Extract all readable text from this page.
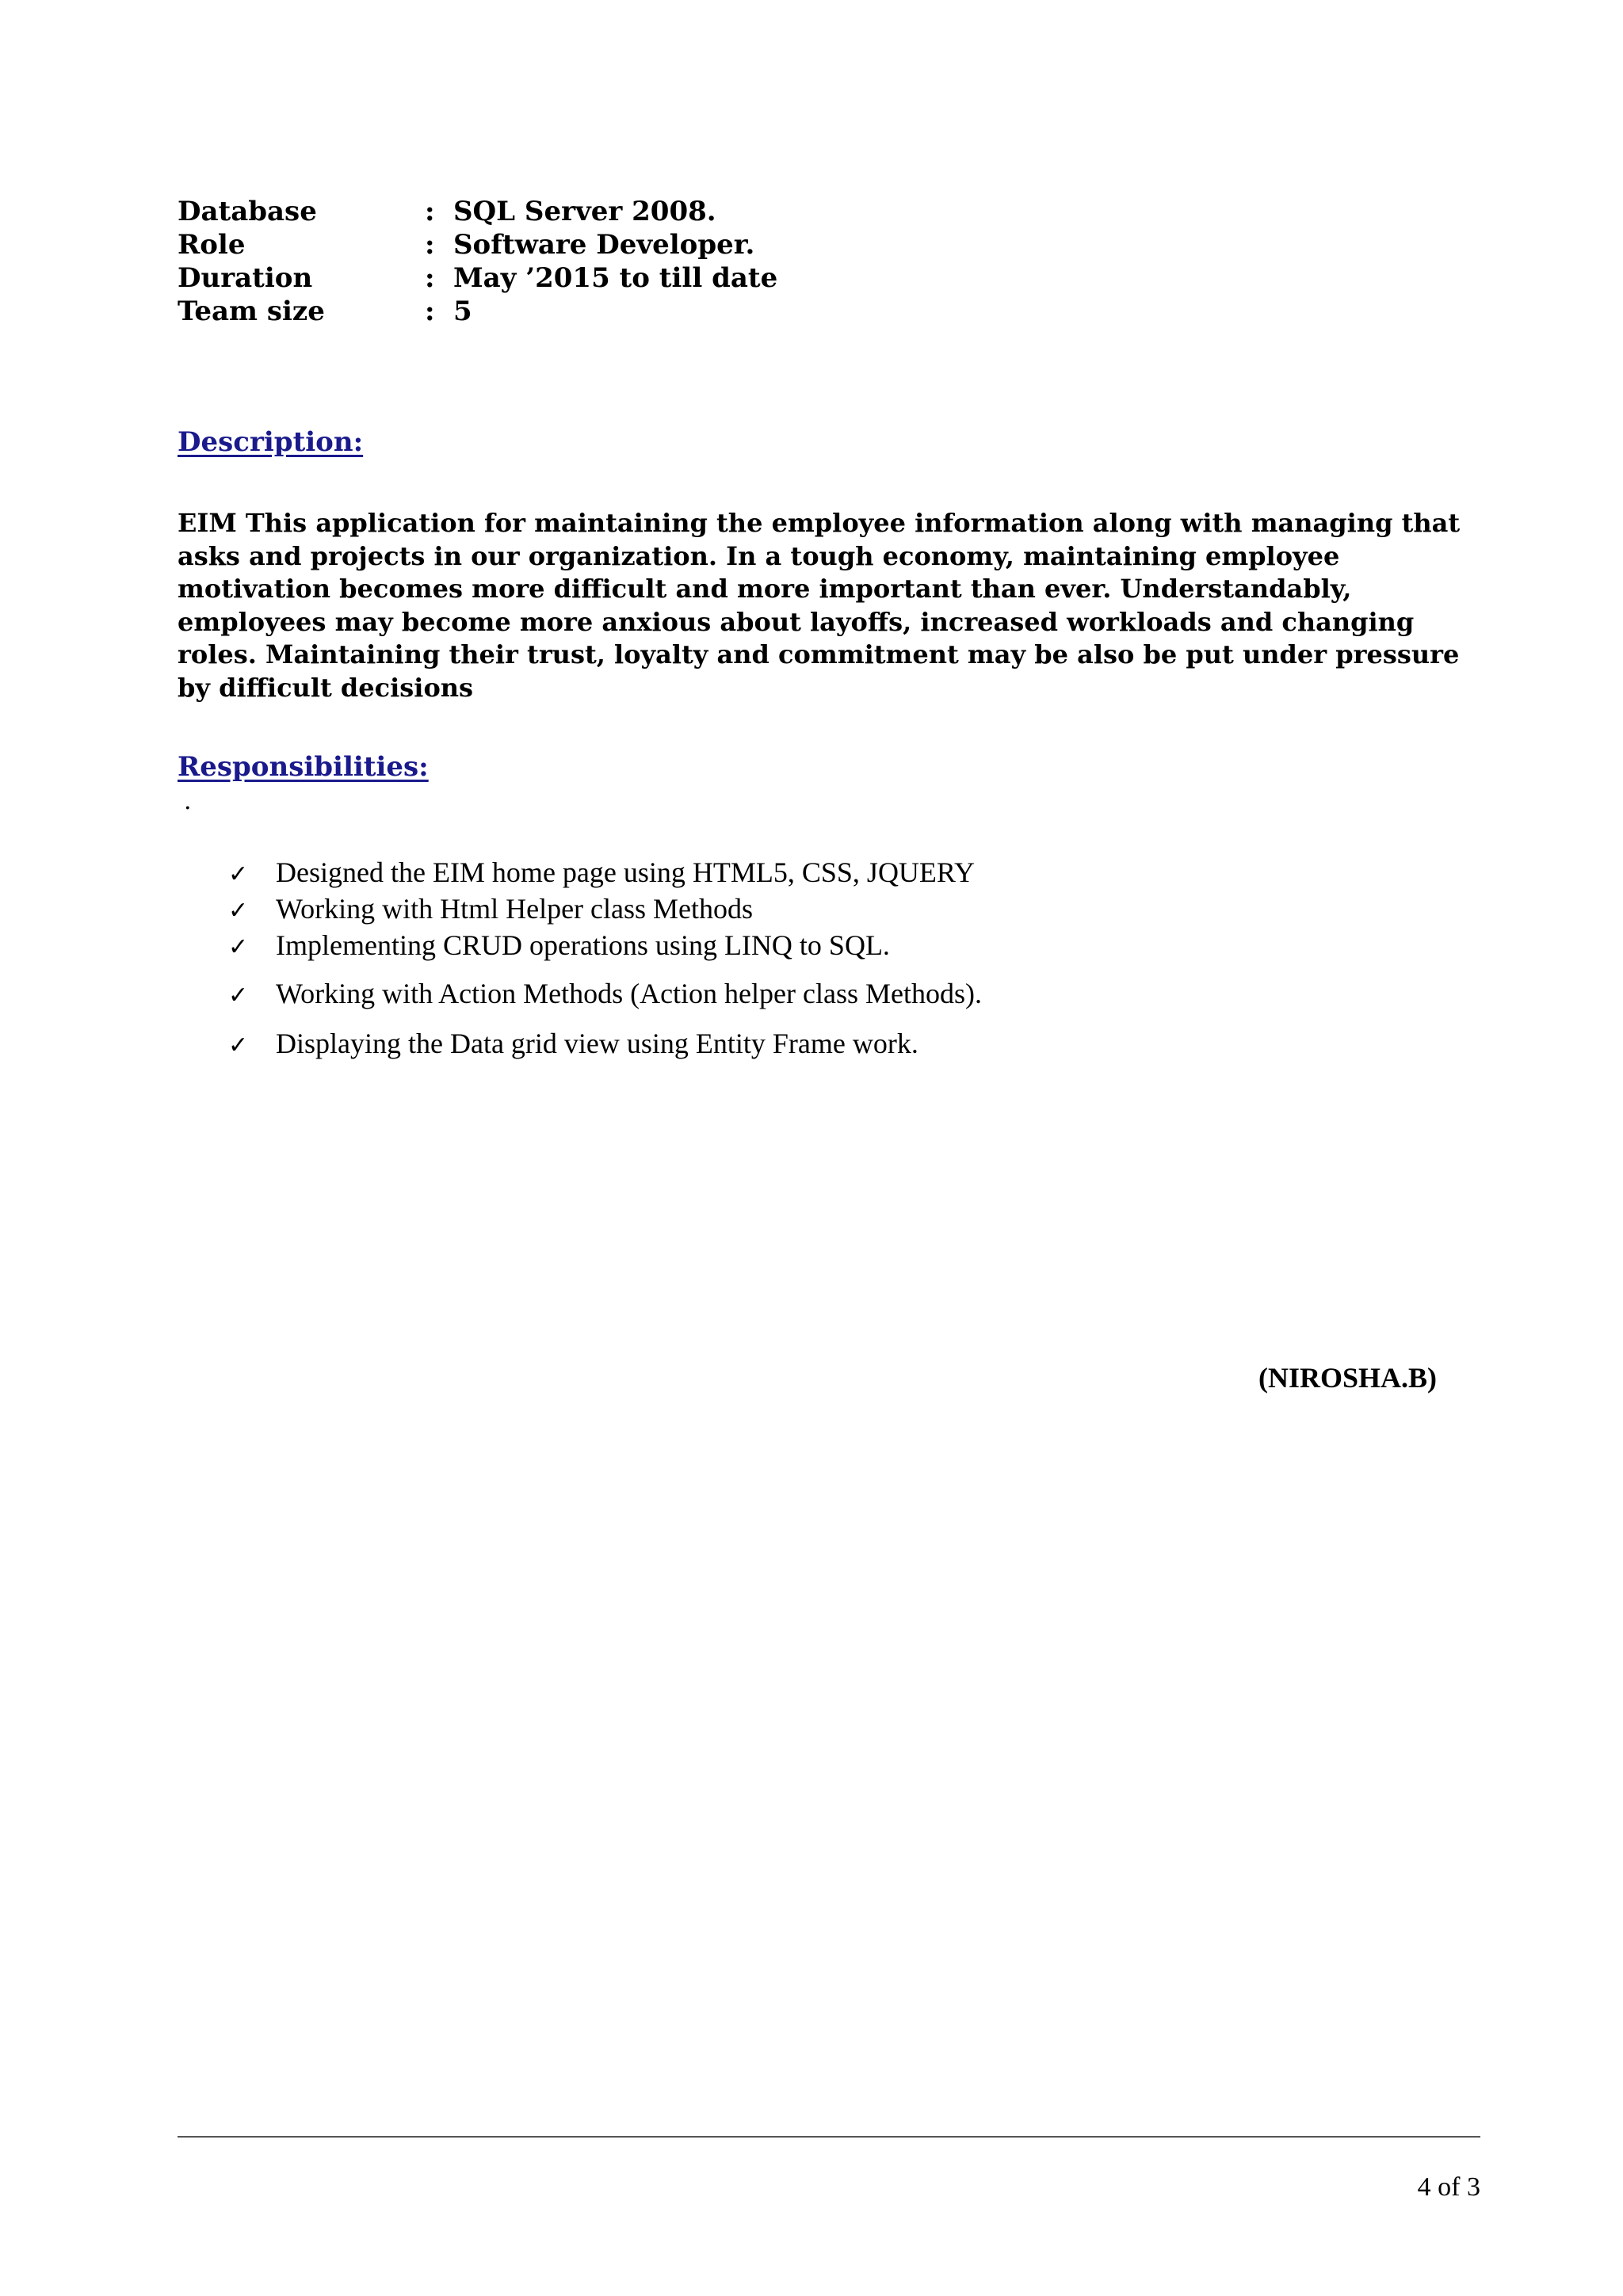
Database	: SQL Server 2008.
Role	: Software Developer.
Duration	: May ’2015 to till date
Team size	: 5
Description:
EIM This application for maintaining the employee information along with managing that asks and projects in our organization. In a tough economy, maintaining employee motivation becomes more difficult and more important than ever. Understandably, employees may become more anxious about layoffs, increased workloads and changing roles. Maintaining their trust, loyalty and commitment may be also be put under pressure by difficult decisions
Responsibilities:
.
✓ Designed the EIM home page using HTML5, CSS, JQUERY
✓ Working with Html Helper class Methods
✓ Implementing CRUD operations using LINQ to SQL.
✓ Working with Action Methods (Action helper class Methods).
✓ Displaying the Data grid view using Entity Frame work.
(NIROSHA.B)
4 of 3
